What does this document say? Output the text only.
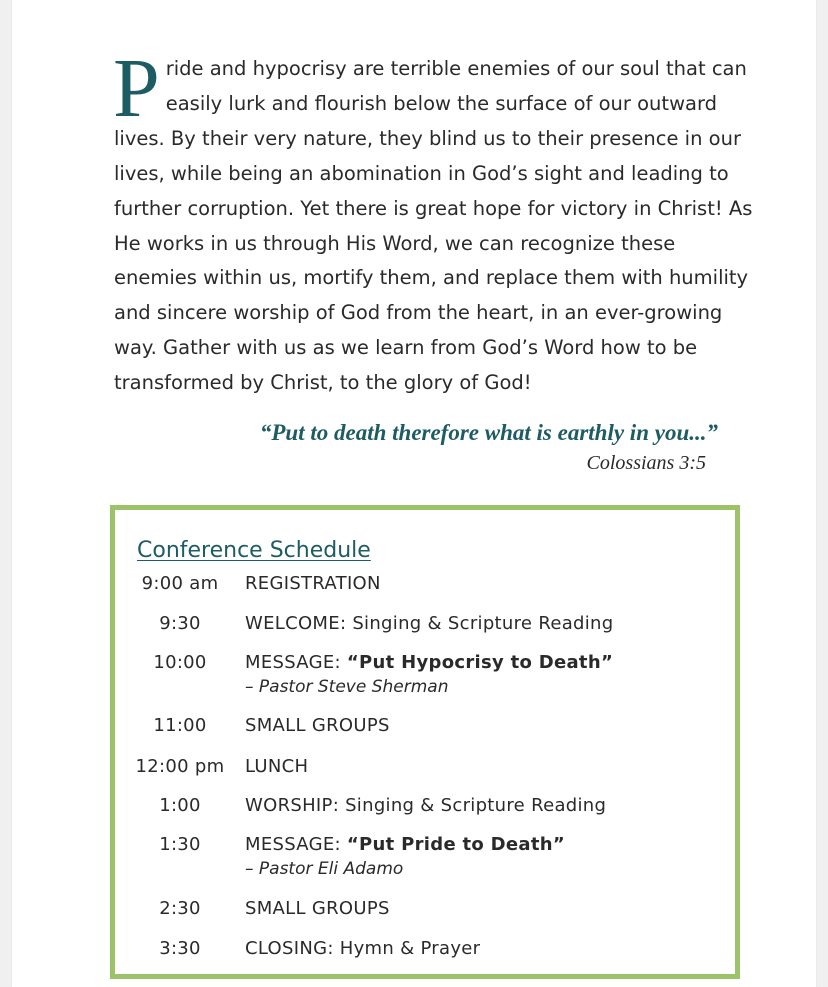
Pride and hypocrisy are terrible enemies of our soul that can easily lurk and flourish below the surface of our outward lives. By their very nature, they blind us to their presence in our lives, while being an abomination in God’s sight and leading to further corruption. Yet there is great hope for victory in Christ! As He works in us through His Word, we can recognize these enemies within us, mortify them, and replace them with humility and sincere worship of God from the heart, in an ever-growing way. Gather with us as we learn from God’s Word how to be transformed by Christ, to the glory of God!

“Put to death therefore what is earthly in you...”
Colossians 3:5
Conference Schedule
9:00 am	REGISTRATION
9:30	WELCOME: Singing & Scripture Reading
10:00	MESSAGE: “Put Hypocrisy to Death”
– Pastor Steve Sherman
11:00	SMALL GROUPS
12:00 pm	LUNCH
1:00	WORSHIP: Singing & Scripture Reading
1:30	MESSAGE: “Put Pride to Death”
– Pastor Eli Adamo
2:30	SMALL GROUPS
3:30	CLOSING: Hymn & Prayer
